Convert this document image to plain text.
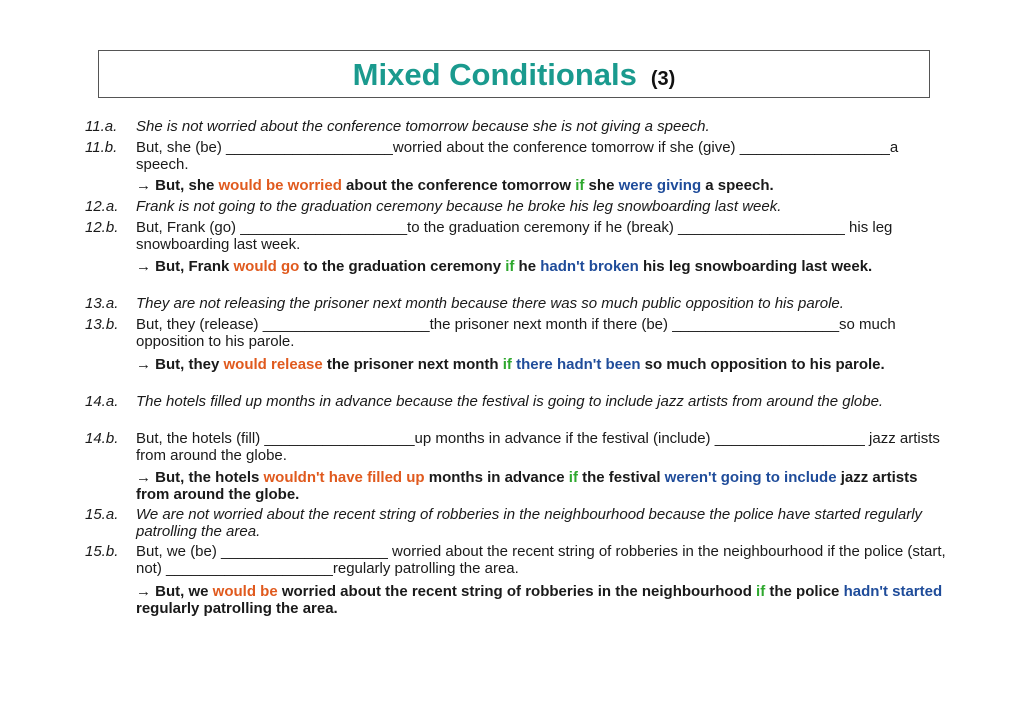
Mixed Conditionals (3)
11.a. She is not worried about the conference tomorrow because she is not giving a speech.
11.b. But, she (be) ____________________worried about the conference tomorrow if she (give) __________________a speech.
→ But, she would be worried about the conference tomorrow if she were giving a speech.
12.a. Frank is not going to the graduation ceremony because he broke his leg snowboarding last week.
12.b. But, Frank (go) ____________________to the graduation ceremony if he (break) ____________________ his leg snowboarding last week.
→ But, Frank would go to the graduation ceremony if he hadn't broken his leg snowboarding last week.
13.a. They are not releasing the prisoner next month because there was so much public opposition to his parole.
13.b. But, they (release) ____________________the prisoner next month if there (be) ____________________so much opposition to his parole.
→ But, they would release the prisoner next month if there hadn't been so much opposition to his parole.
14.a. The hotels filled up months in advance because the festival is going to include jazz artists from around the globe.
14.b. But, the hotels (fill) __________________up months in advance if the festival (include) __________________ jazz artists from around the globe.
→ But, the hotels wouldn't have filled up months in advance if the festival weren't going to include jazz artists from around the globe.
15.a. We are not worried about the recent string of robberies in the neighbourhood because the police have started regularly patrolling the area.
15.b. But, we (be) ____________________ worried about the recent string of robberies in the neighbourhood if the police (start, not) ____________________regularly patrolling the area.
→ But, we would be worried about the recent string of robberies in the neighbourhood if the police hadn't started regularly patrolling the area.
